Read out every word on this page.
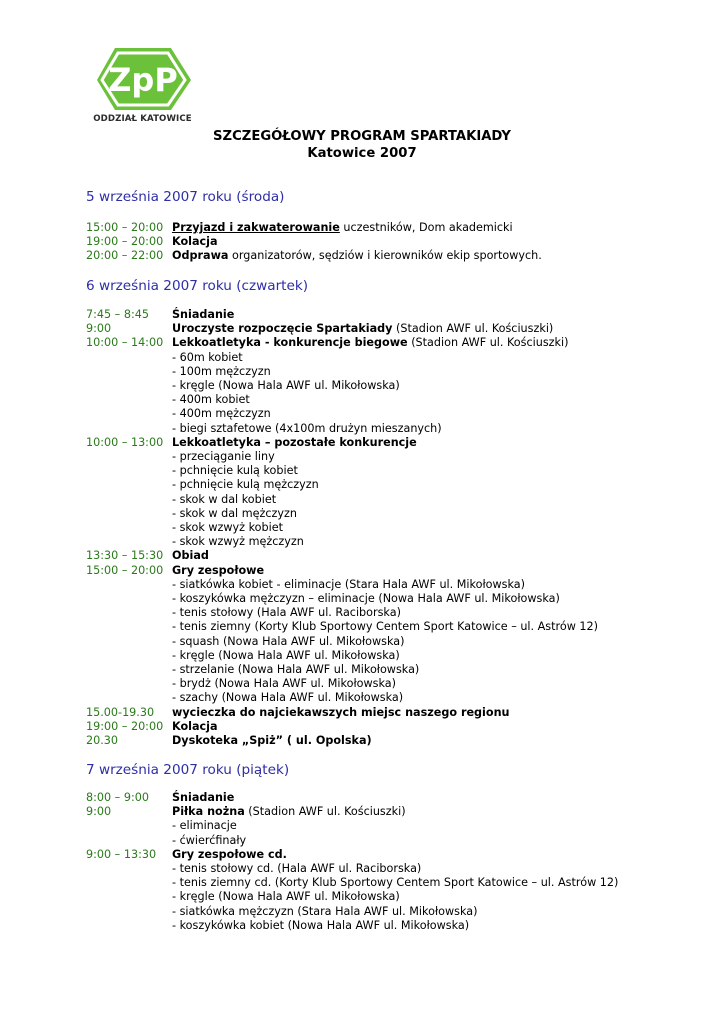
ZpP
ODDZIAŁ KATOWICE
SZCZEGÓŁOWY PROGRAM SPARTAKIADY
Katowice 2007
5 września 2007 roku (środa)
15:00 – 20:00 Przyjazd i zakwaterowanie uczestników, Dom akademicki
19:00 – 20:00 Kolacja
20:00 – 22:00 Odprawa organizatorów, sędziów i kierowników ekip sportowych.
6 września 2007 roku (czwartek)
7:45 – 8:45	Śniadanie
9:00	Uroczyste rozpoczęcie Spartakiady (Stadion AWF ul. Kościuszki)
10:00 – 14:00 Lekkoatletyka - konkurencje biegowe (Stadion AWF ul. Kościuszki)
- 60m kobiet
- 100m mężczyzn
- kręgle (Nowa Hala AWF ul. Mikołowska)
- 400m kobiet
- 400m mężczyzn
- biegi sztafetowe (4x100m drużyn mieszanych)
10:00 – 13:00 Lekkoatletyka – pozostałe konkurencje
- przeciąganie liny
- pchnięcie kulą kobiet
- pchnięcie kulą mężczyzn
- skok w dal kobiet
- skok w dal mężczyzn
- skok wzwyż kobiet
- skok wzwyż mężczyzn
13:30 – 15:30 Obiad
15:00 – 20:00 Gry zespołowe
- siatkówka kobiet - eliminacje (Stara Hala AWF ul. Mikołowska)
- koszykówka mężczyzn – eliminacje (Nowa Hala AWF ul. Mikołowska)
- tenis stołowy (Hala AWF ul. Raciborska)
- tenis ziemny (Korty Klub Sportowy Centem Sport Katowice – ul. Astrów 12)
- squash (Nowa Hala AWF ul. Mikołowska)
- kręgle (Nowa Hala AWF ul. Mikołowska)
- strzelanie (Nowa Hala AWF ul. Mikołowska)
- brydż (Nowa Hala AWF ul. Mikołowska)
- szachy (Nowa Hala AWF ul. Mikołowska)
15.00-19.30	wycieczka do najciekawszych miejsc naszego regionu
19:00 – 20:00 Kolacja
20.30	Dyskoteka „Spiż” ( ul. Opolska)
7 września 2007 roku (piątek)
8:00 – 9:00	Śniadanie
9:00	Piłka nożna (Stadion AWF ul. Kościuszki)
- eliminacje
- ćwierćfinały
9:00 – 13:30	Gry zespołowe cd.
- tenis stołowy cd. (Hala AWF ul. Raciborska)
- tenis ziemny cd. (Korty Klub Sportowy Centem Sport Katowice – ul. Astrów 12)
- kręgle (Nowa Hala AWF ul. Mikołowska)
- siatkówka mężczyzn (Stara Hala AWF ul. Mikołowska)
- koszykówka kobiet (Nowa Hala AWF ul. Mikołowska)
